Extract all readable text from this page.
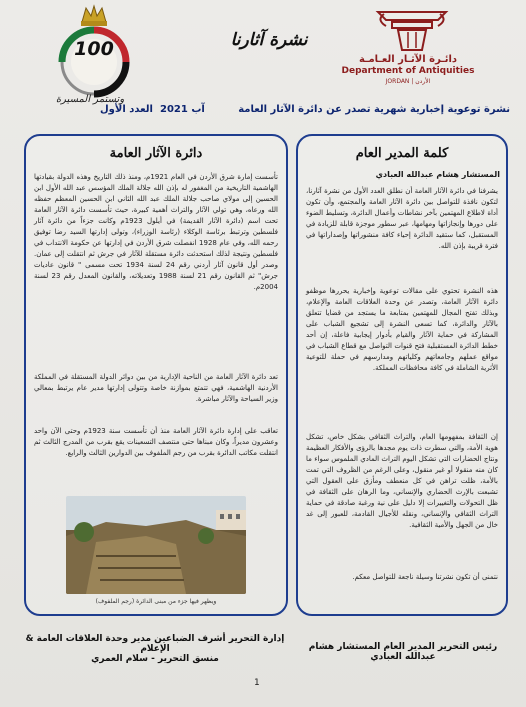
100
وتستمر المسيرة
نشرة آثارنا
دائـرة الآثـار العـامـة
Department of Antiquities
JORDAN | الأردن
نشرة توعوية إخبارية شهرية تصدر عن دائرة الآثار العامة
العدد الأول آب 2021
كلمة المدير العام
المستشار هشام عبدالله العبادي
يشرفنا في دائرة الآثار العامة أن نطلق العدد الأول من نشرة آثارنا، لتكون نافذة للتواصل بين دائرة الآثار العامة والمجتمع، وأن تكون أداة لاطلاع المهتمين بآخر نشاطات وأعمال الدائرة، وتسليط الضوء على دورها وإنجازاتها ومهامها، عبر سطور موجزة قابلة للزيادة في المستقبل، كما ستقيد الدائرة إحياء كافة منشوراتها وإصداراتها في فترة قريبة بإذن الله.
هذه النشرة تحتوي على مقالات توعوية وإخبارية يحررها موظفو دائرة الآثار العامة، وتصدر عن وحدة العلاقات العامة والإعلام، وبذلك تفتح المجال للمهتمين بمتابعة ما يستجد من قضايا تتعلق بالآثار والدائرة، كما تسعى النشرة إلى تشجيع الشباب على المشاركة في حماية الآثار والقيام بأدوار إيجابية فاعلة، إن أحد خطط الدائرة المستقبلية فتح قنوات التواصل مع قطاع الشباب في مواقع عملهم وجامعاتهم وكلياتهم ومدارسهم في حملة للتوعية الأثرية الشاملة في كافة محافظات المملكة.
إن الثقافة بمفهومها العام، والتراث الثقافي بشكل خاص، تشكل هوية الأمة، والتي سطرت ذات يوم مجدها بالرؤى والأفكار العظيمة ونتاج الحضارات التي تشكل اليوم التراث المادي الملموس سواء ما كان منه منقولا أو غير منقول، وعلى الرغم من الظروف التي تمت بالأمة، ظلت تراهن في كل منعطف ومأزق على العقول التي تشبعت بالإرث الحضاري والإنساني، وما الرهان على الثقافة في ظل التحولات والتغييرات إلا دليل على نية ورغبة صادقة في حماية التراث الثقافي والإنساني، ونقله للأجيال القادمة، للعبور إلى غد خال من الجهل والأمية الثقافية.
نتمنى أن تكون نشرتنا وسيلة ناجعة للتواصل معكم.
دائرة الآثار العامة
تأسست إمارة شرق الأردن في العام 1921م، ومنذ ذلك التاريخ وهذه الدولة بقيادتها الهاشمية التاريخية من المغفور له بإذن الله جلالة الملك المؤسس عبد الله الأول ابن الحسين إلى مولاي صاحب جلالة الملك عبد الله الثاني ابن الحسين المعظم حفظه الله ورعاه، وهي تولي الآثار والتراث أهمية كبيرة، حيث تأسست دائرة الآثار العامة تحت اسم (دائرة الآثار القديمة) في أيلول 1923م وكانت جزءاً من دائرة آثار فلسطين وترتبط برئاسة الوكلاء (رئاسة الوزراء)، وتولى إدارتها السيد رضا توفيق رحمه الله، وفي عام 1928 انفصلت شرق الأردن في إدارتها عن حكومة الانتداب في فلسطين ونتيجة لذلك استحدثت دائرة مستقلة للآثار في جرش ثم انتقلت إلى عمان. وصدر أول قانون آثار أردني رقم 24 لسنة 1934 تحت مسمى " قانون عاديات جرش" ثم القانون رقم 21 لسنة 1988 وتعديلاته، والقانون المعدل رقم 23 لسنة 2004م.
تعد دائرة الآثار العامة من الناحية الإدارية من بين دوائر الدولة المستقلة في المملكة الأردنية الهاشمية، فهي تتمتع بموازنة خاصة وتتولى إدارتها مدير عام يرتبط بمعالي وزير السياحة والآثار مباشرة.
تعاقب على إدارة دائرة الآثار العامة منذ أن تأسست سنة 1923م وحتى الآن واحد وعشرون مديراً، وكان مبناها حتى منتصف التسعينات يقع بقرب من المدرج الثالث ثم انتقلت مكاتب الدائرة بقرب من رجم الملفوف بين الدوارين الثالث والرابع.
(رجم الملفوف) ويظهر فيها جزء من مبنى الدائرة
رئيس التحرير المدير العام المستشار هشام عبدالله العبادي
إدارة التحرير أشرف الضباعين مدير وحدة العلاقات العامة & الإعلام
منسق التحرير - سلام العمري
1
